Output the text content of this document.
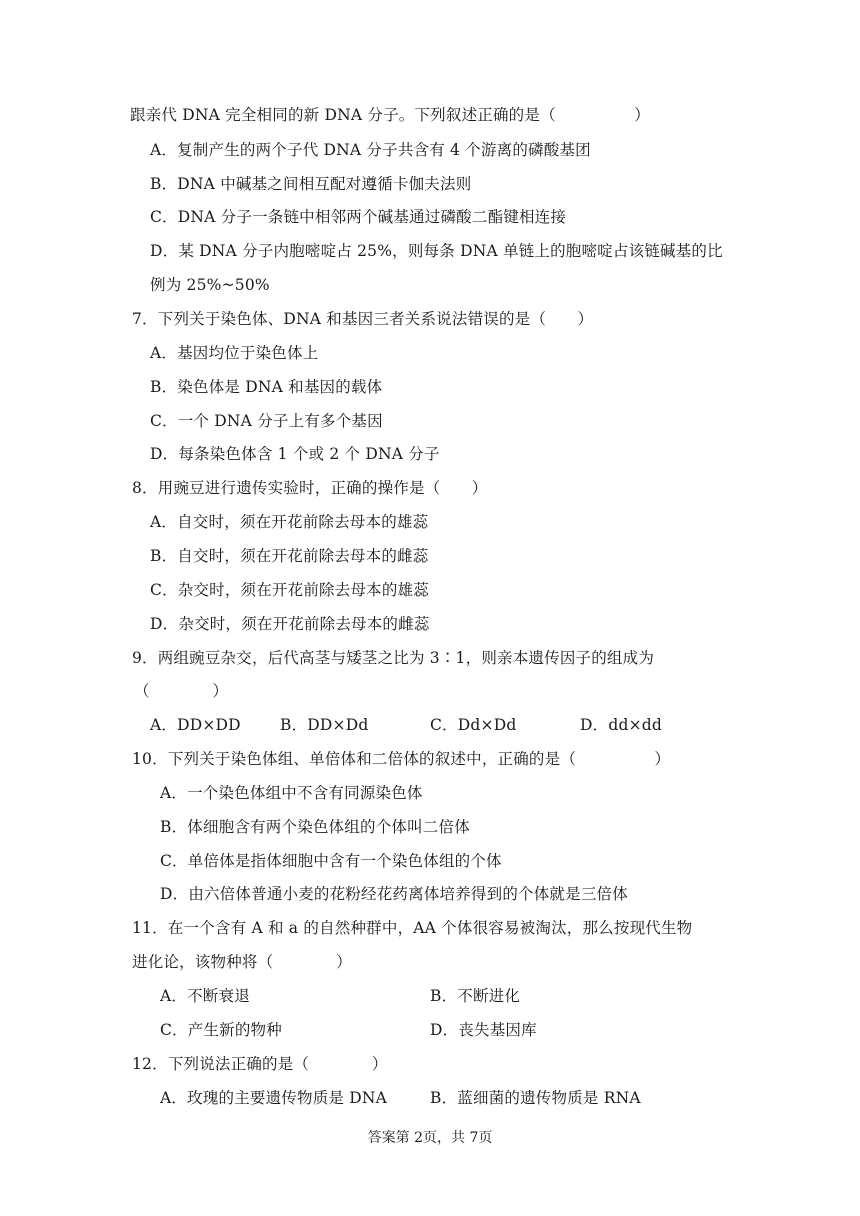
跟亲代 DNA 完全相同的新 DNA 分子。下列叙述正确的是（　　　　　）
A．复制产生的两个子代 DNA 分子共含有 4 个游离的磷酸基团
B．DNA 中碱基之间相互配对遵循卡伽夫法则
C．DNA 分子一条链中相邻两个碱基通过磷酸二酯键相连接
D．某 DNA 分子内胞嘧啶占 25%，则每条 DNA 单链上的胞嘧啶占该链碱基的比
例为 25%~50%
7．下列关于染色体、DNA 和基因三者关系说法错误的是（　　）
A．基因均位于染色体上
B．染色体是 DNA 和基因的载体
C．一个 DNA 分子上有多个基因
D．每条染色体含 1 个或 2 个 DNA 分子
8．用豌豆进行遗传实验时，正确的操作是（　　）
A．自交时，须在开花前除去母本的雄蕊
B．自交时，须在开花前除去母本的雌蕊
C．杂交时，须在开花前除去母本的雄蕊
D．杂交时，须在开花前除去母本的雌蕊
9．两组豌豆杂交，后代高茎与矮茎之比为 3∶1，则亲本遗传因子的组成为
（　　　　）
A．DD×DD	B．DD×Dd	C．Dd×Dd	D．dd×dd
10．下列关于染色体组、单倍体和二倍体的叙述中，正确的是（　　　　　）
A．一个染色体组中不含有同源染色体
B．体细胞含有两个染色体组的个体叫二倍体
C．单倍体是指体细胞中含有一个染色体组的个体
D．由六倍体普通小麦的花粉经花药离体培养得到的个体就是三倍体
11．在一个含有 A 和 a 的自然种群中，AA 个体很容易被淘汰，那么按现代生物
进化论，该物种将（　　　　）
A．不断衰退	B．不断进化
C．产生新的物种	D．丧失基因库
12．下列说法正确的是（　　　　）
A．玫瑰的主要遗传物质是 DNA	B．蓝细菌的遗传物质是 RNA
答案第 2页，共 7页
